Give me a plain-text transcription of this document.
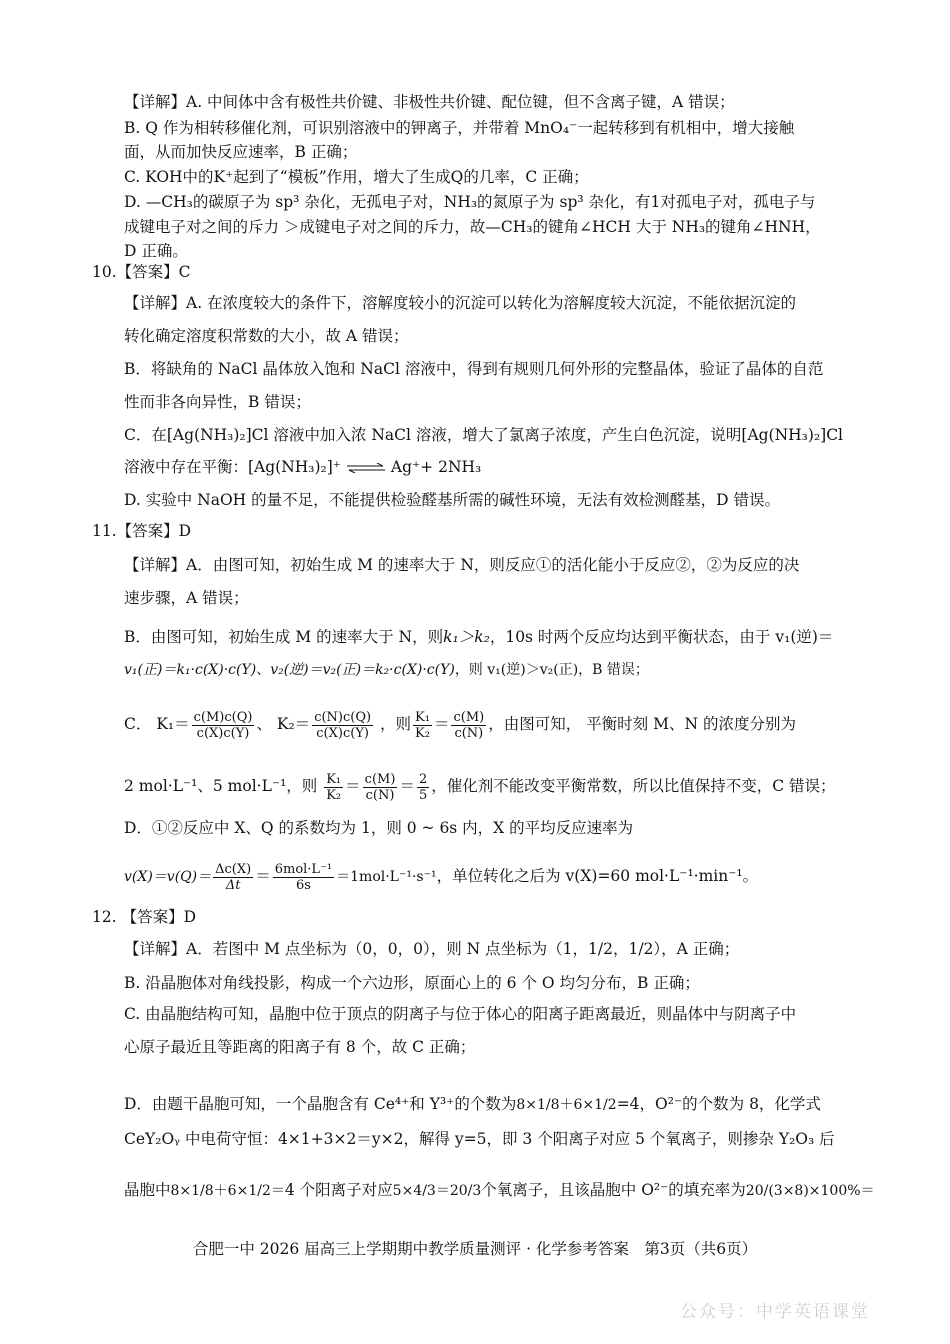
【详解】A. 中间体中含有极性共价键、非极性共价键、配位键，但不含离子键，A 错误；
B. Q 作为相转移催化剂，可识别溶液中的钾离子，并带着 MnO₄⁻一起转移到有机相中，增大接触
面，从而加快反应速率，B 正确；
C. KOH中的K⁺起到了“模板”作用，增大了生成Q的几率，C 正确；
D. —CH₃的碳原子为 sp³ 杂化，无孤电子对，NH₃的氮原子为 sp³ 杂化，有1对孤电子对，孤电子与
成键电子对之间的斥力 ＞成键电子对之间的斥力，故—CH₃的键角∠HCH 大于 NH₃的键角∠HNH，
D 正确。
10.【答案】C
【详解】A. 在浓度较大的条件下，溶解度较小的沉淀可以转化为溶解度较大沉淀，不能依据沉淀的
转化确定溶度积常数的大小，故 A 错误；
B．将缺角的 NaCl 晶体放入饱和 NaCl 溶液中，得到有规则几何外形的完整晶体，验证了晶体的自范
性而非各向异性，B 错误；
C．在[Ag(NH₃)₂]Cl 溶液中加入浓 NaCl 溶液，增大了氯离子浓度，产生白色沉淀，说明[Ag(NH₃)₂]Cl
溶液中存在平衡：[Ag(NH₃)₂]⁺ ⇌ Ag⁺+ 2NH₃
D. 实验中 NaOH 的量不足，不能提供检验醛基所需的碱性环境，无法有效检测醛基，D 错误。
11.【答案】D
【详解】A．由图可知，初始生成 M 的速率大于 N，则反应①的活化能小于反应②，②为反应的决
速步骤，A 错误；
B．由图可知，初始生成 M 的速率大于 N，则k₁＞k₂，10s 时两个反应均达到平衡状态，由于 v₁(逆)＝
v₁(正)＝k₁·c(X)·c(Y)、v₂(逆)＝v₂(正)＝k₂·c(X)·c(Y)，则 v₁(逆)＞v₂(正)，B 错误；
C． $K_1= \frac{c(M)c(Q)}{c(X)c(Y)}$ 、 $K_2= \frac{c(N)c(Q)}{c(X)c(Y)}$ ，则 $\frac{\text{K₁}}{\text{K₂}} = \frac{c(M)}{c(N)}$ ，由图可知， 平衡时刻 M、N 的浓度分别为
2 mol·L⁻¹、5 mol·L⁻¹，则 $\frac{\text{K₁}}{\text{K₂}} = \frac{c(M)}{c(N)} = \frac{2}{5}$ ，催化剂不能改变平衡常数，所以比值保持不变，C 错误；
D．①②反应中 X、Q 的系数均为 1，则 0 ~ 6s 内，X 的平均反应速率为
$v(X)=v(Q)= \frac{\Delta c(X)}{\Delta t} = \frac{\text{6mol·L⁻¹}}{6s} =1mol\cdot L^{-1}\cdot s^{-1}$，单位转化之后为 v(X)=60 mol·L⁻¹·min⁻¹。
12. 【答案】D
【详解】A．若图中 M 点坐标为（0，0，0），则 N 点坐标为（1，1/2，1/2），A 正确；
B. 沿晶胞体对角线投影，构成一个六边形，原面心上的 6 个 O 均匀分布，B 正确；
C. 由晶胞结构可知，晶胞中位于顶点的阴离子与位于体心的阳离子距离最近，则晶体中与阴离子中
心原子最近且等距离的阳离子有 8 个，故 C 正确；
D．由题干晶胞可知，一个晶胞含有 Ce⁴⁺和 Y³⁺的个数为8×1/8＋6×1/2=4，O²⁻的个数为 8，化学式
CeY₂Oᵧ 中电荷守恒：4×1+3×2＝y×2，解得 y=5，即 3 个阳离子对应 5 个氧离子，则掺杂 Y₂O₃ 后
晶胞中8×1/8＋6×1/2＝4 个阳离子对应5×4/3＝20/3个氧离子，且该晶胞中 O²⁻的填充率为20/(3×8)×100%＝
合肥一中 2026 届高三上学期期中教学质量测评 · 化学参考答案　第3页（共6页）
公众号：中学英语课堂
